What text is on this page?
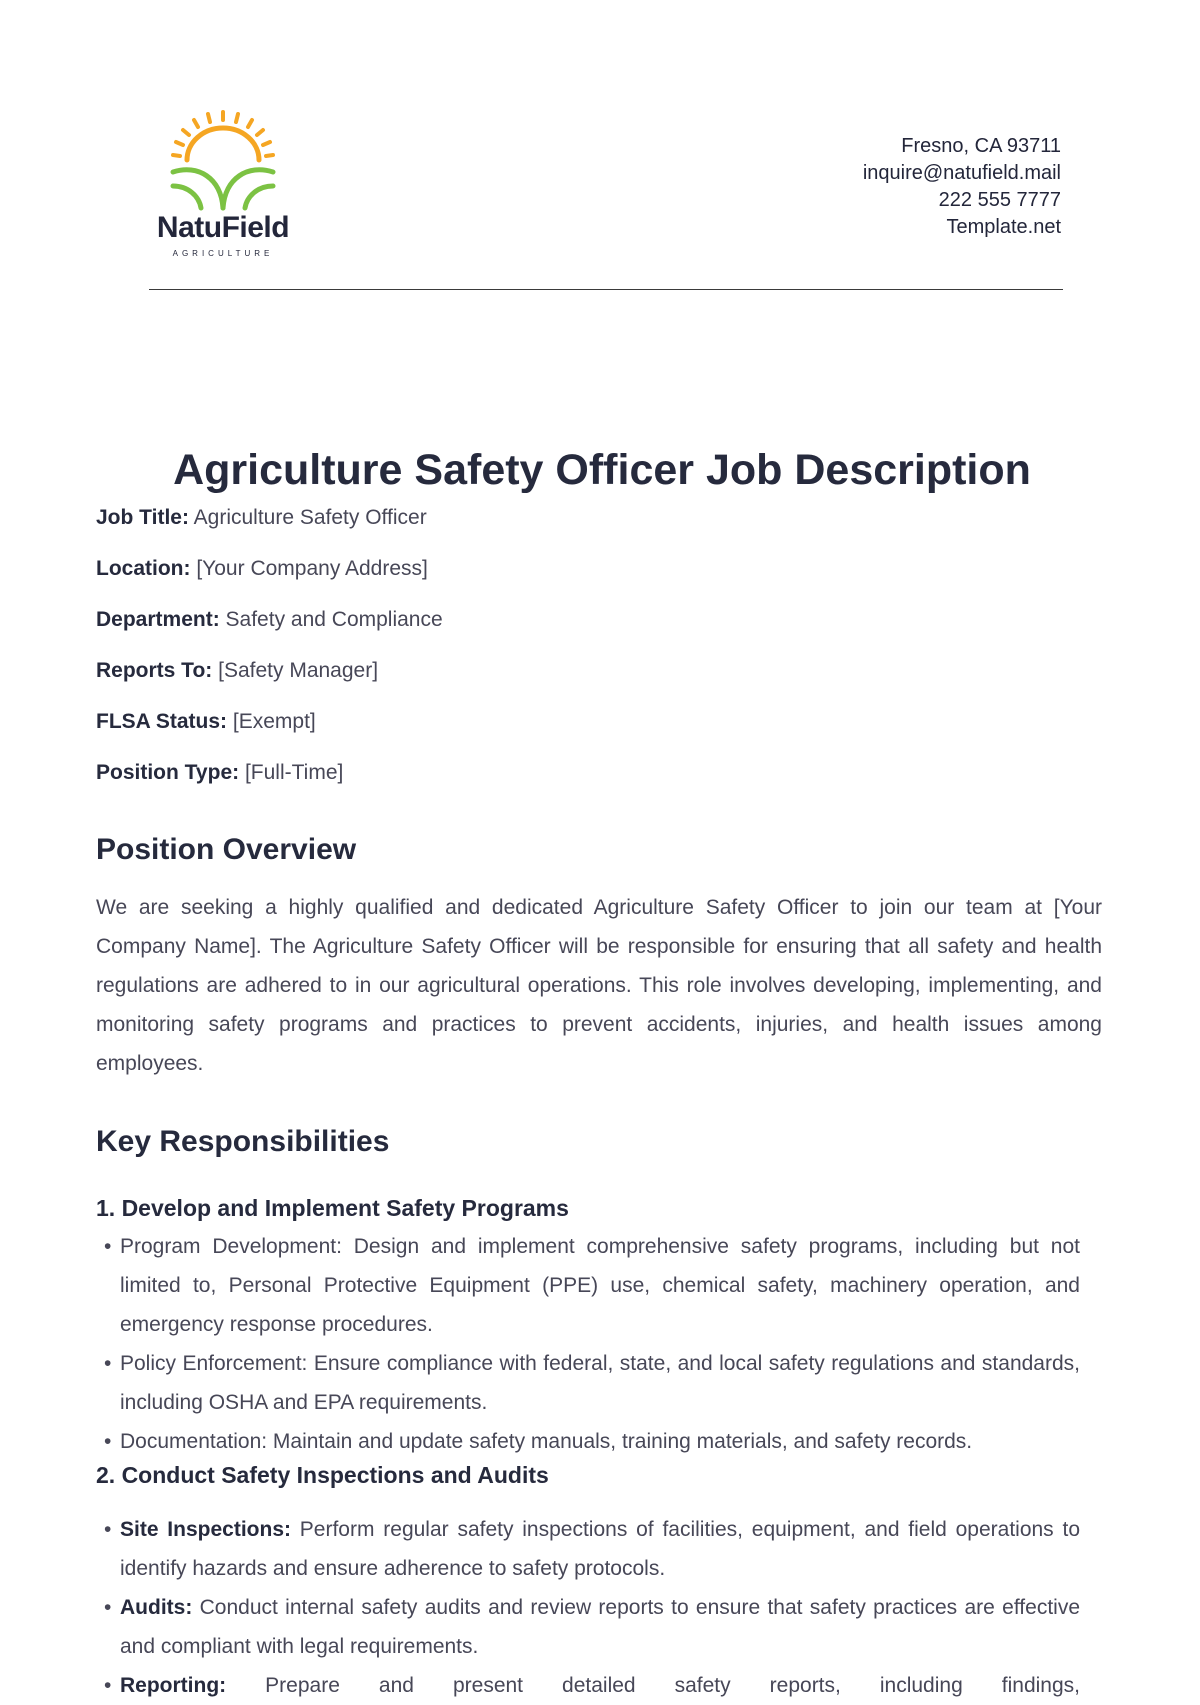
NatuField
AGRICULTURE
Fresno, CA 93711
inquire@natufield.mail
222 555 7777
Template.net
Agriculture Safety Officer Job Description
Job Title: Agriculture Safety Officer
Location: [Your Company Address]
Department: Safety and Compliance
Reports To: [Safety Manager]
FLSA Status: [Exempt]
Position Type: [Full-Time]
Position Overview

We are seeking a highly qualified and dedicated Agriculture Safety Officer to join our team at [Your Company Name]. The Agriculture Safety Officer will be responsible for ensuring that all safety and health regulations are adhered to in our agricultural operations. This role involves developing, implementing, and monitoring safety programs and practices to prevent accidents, injuries, and health issues among employees.

Key Responsibilities
1. Develop and Implement Safety Programs
• Program Development: Design and implement comprehensive safety programs, including but not limited to, Personal Protective Equipment (PPE) use, chemical safety, machinery operation, and emergency response procedures.
• Policy Enforcement: Ensure compliance with federal, state, and local safety regulations and standards, including OSHA and EPA requirements.
• Documentation: Maintain and update safety manuals, training materials, and safety records.
2. Conduct Safety Inspections and Audits
• Site Inspections: Perform regular safety inspections of facilities, equipment, and field operations to identify hazards and ensure adherence to safety protocols.
• Audits: Conduct internal safety audits and review reports to ensure that safety practices are effective and compliant with legal requirements.
• Reporting: Prepare and present detailed safety reports, including findings,
